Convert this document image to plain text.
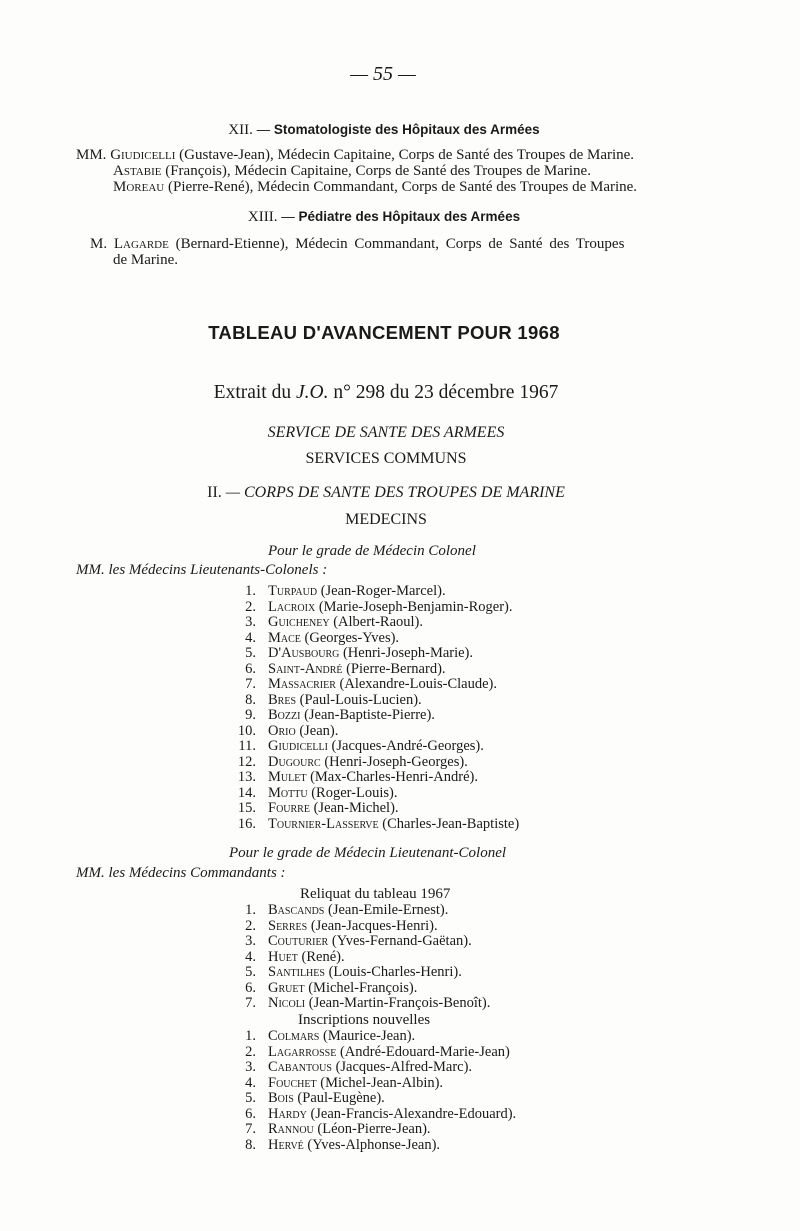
— 55 —
XII. — Stomatologiste des Hôpitaux des Armées
MM. Giudicelli (Gustave-Jean), Médecin Capitaine, Corps de Santé des Troupes de Marine.
Astabie (François), Médecin Capitaine, Corps de Santé des Troupes de Marine.
Moreau (Pierre-René), Médecin Commandant, Corps de Santé des Troupes de Marine.
XIII. — Pédiatre des Hôpitaux des Armées
M. Lagarde (Bernard-Etienne), Médecin Commandant, Corps de Santé des Troupes
de Marine.
TABLEAU D'AVANCEMENT POUR 1968
Extrait du J.O. n° 298 du 23 décembre 1967
SERVICE DE SANTE DES ARMEES
SERVICES COMMUNS
II. — CORPS DE SANTE DES TROUPES DE MARINE
MEDECINS
Pour le grade de Médecin Colonel
MM. les Médecins Lieutenants-Colonels :
1. Turpaud (Jean-Roger-Marcel).
2. Lacroix (Marie-Joseph-Benjamin-Roger).
3. Guicheney (Albert-Raoul).
4. Mace (Georges-Yves).
5. D'Ausbourg (Henri-Joseph-Marie).
6. Saint-André (Pierre-Bernard).
7. Massacrier (Alexandre-Louis-Claude).
8. Bres (Paul-Louis-Lucien).
9. Bozzi (Jean-Baptiste-Pierre).
10. Orio (Jean).
11. Giudicelli (Jacques-André-Georges).
12. Dugourc (Henri-Joseph-Georges).
13. Mulet (Max-Charles-Henri-André).
14. Mottu (Roger-Louis).
15. Fourre (Jean-Michel).
16. Tournier-Lasserve (Charles-Jean-Baptiste)
Pour le grade de Médecin Lieutenant-Colonel
MM. les Médecins Commandants :
Reliquat du tableau 1967
1. Bascands (Jean-Emile-Ernest).
2. Serres (Jean-Jacques-Henri).
3. Couturier (Yves-Fernand-Gaëtan).
4. Huet (René).
5. Santilhes (Louis-Charles-Henri).
6. Gruet (Michel-François).
7. Nicoli (Jean-Martin-François-Benoît).
Inscriptions nouvelles
1. Colmars (Maurice-Jean).
2. Lagarrosse (André-Edouard-Marie-Jean)
3. Cabantous (Jacques-Alfred-Marc).
4. Fouchet (Michel-Jean-Albin).
5. Bois (Paul-Eugène).
6. Hardy (Jean-Francis-Alexandre-Edouard).
7. Rannou (Léon-Pierre-Jean).
8. Hervé (Yves-Alphonse-Jean).
